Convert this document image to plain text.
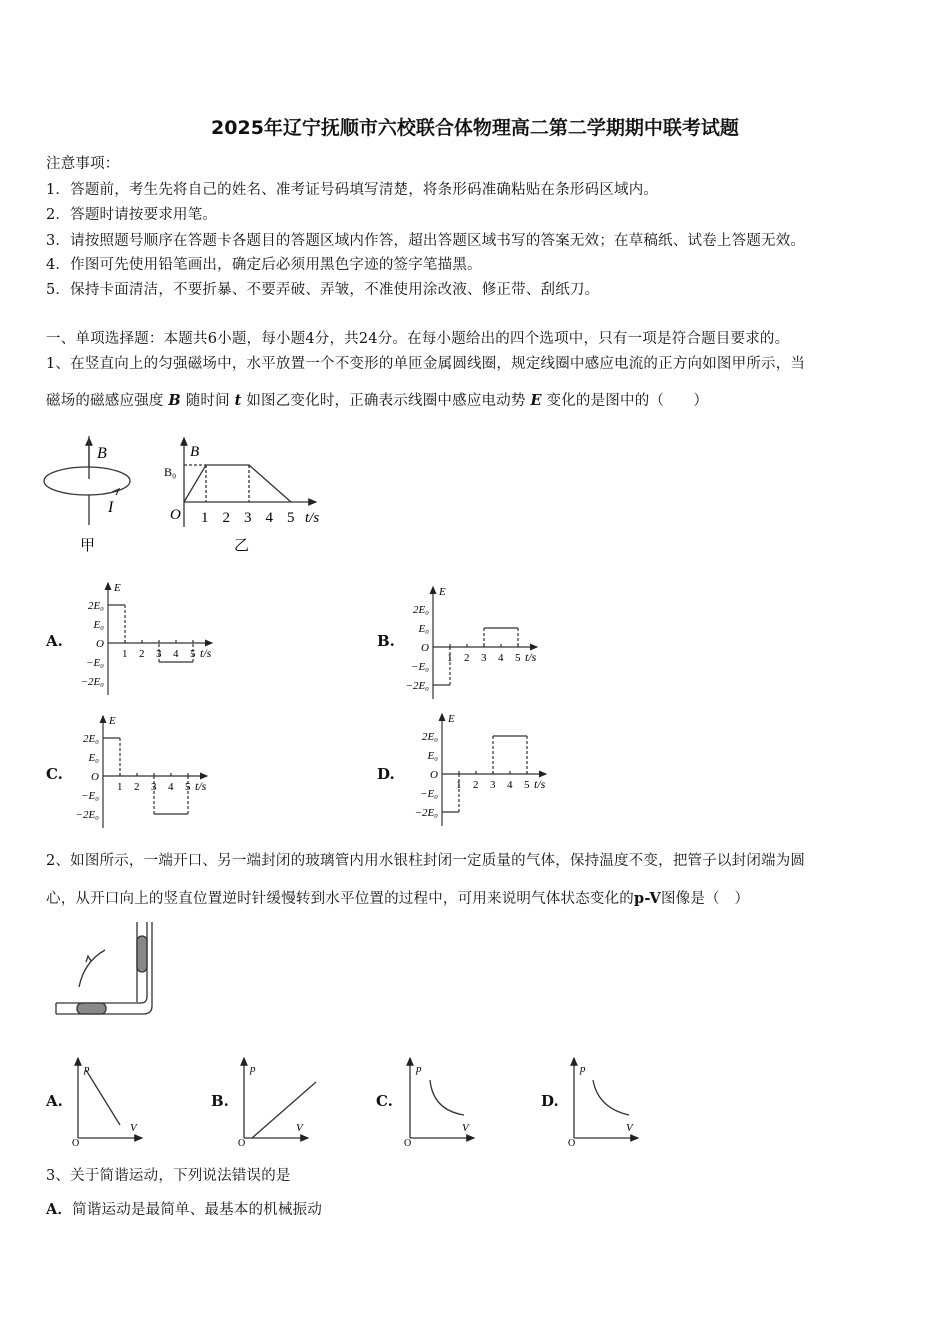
2025年辽宁抚顺市六校联合体物理高二第二学期期中联考试题
注意事项：
1．答题前，考生先将自己的姓名、准考证号码填写清楚，将条形码准确粘贴在条形码区域内。
2．答题时请按要求用笔。
3．请按照题号顺序在答题卡各题目的答题区域内作答，超出答题区域书写的答案无效；在草稿纸、试卷上答题无效。
4．作图可先使用铅笔画出，确定后必须用黑色字迹的签字笔描黑。
5．保持卡面清洁，不要折暴、不要弄破、弄皱，不准使用涂改液、修正带、刮纸刀。
一、单项选择题：本题共6小题，每小题4分，共24分。在每小题给出的四个选项中，只有一项是符合题目要求的。
1、在竖直向上的匀强磁场中，水平放置一个不变形的单匝金属圆线圈，规定线圈中感应电流的正方向如图甲所示，当
磁场的磁感应强度 B 随时间 t 如图乙变化时，正确表示线圈中感应电动势 E 变化的是图中的（　　）
B
I
甲
B
B₀
O 1 2 3 4 5 t/s
乙
E
2E₀
E₀
O
−E₀
−2E₀
1 2 3 4 5 t/s
E
2E₀
E₀
O
−E₀
−2E₀
1 2 3 4 5 t/s
E
2E₀
E₀
O
−E₀
−2E₀
1 2 3 4 5 t/s
E
2E₀
E₀
O
−E₀
−2E₀
1 2 3 4 5 t/s
p
V
O
p
V
O
p
V
O
p
V
O
A.	B.
C.	D.
2、如图所示，一端开口、另一端封闭的玻璃管内用水银柱封闭一定质量的气体，保持温度不变，把管子以封闭端为圆
心，从开口向上的竖直位置逆时针缓慢转到水平位置的过程中，可用来说明气体状态变化的p-V图像是（　）
A.	B.	C.	D.
3、关于简谐运动，下列说法错误的是
A．简谐运动是最简单、最基本的机械振动
